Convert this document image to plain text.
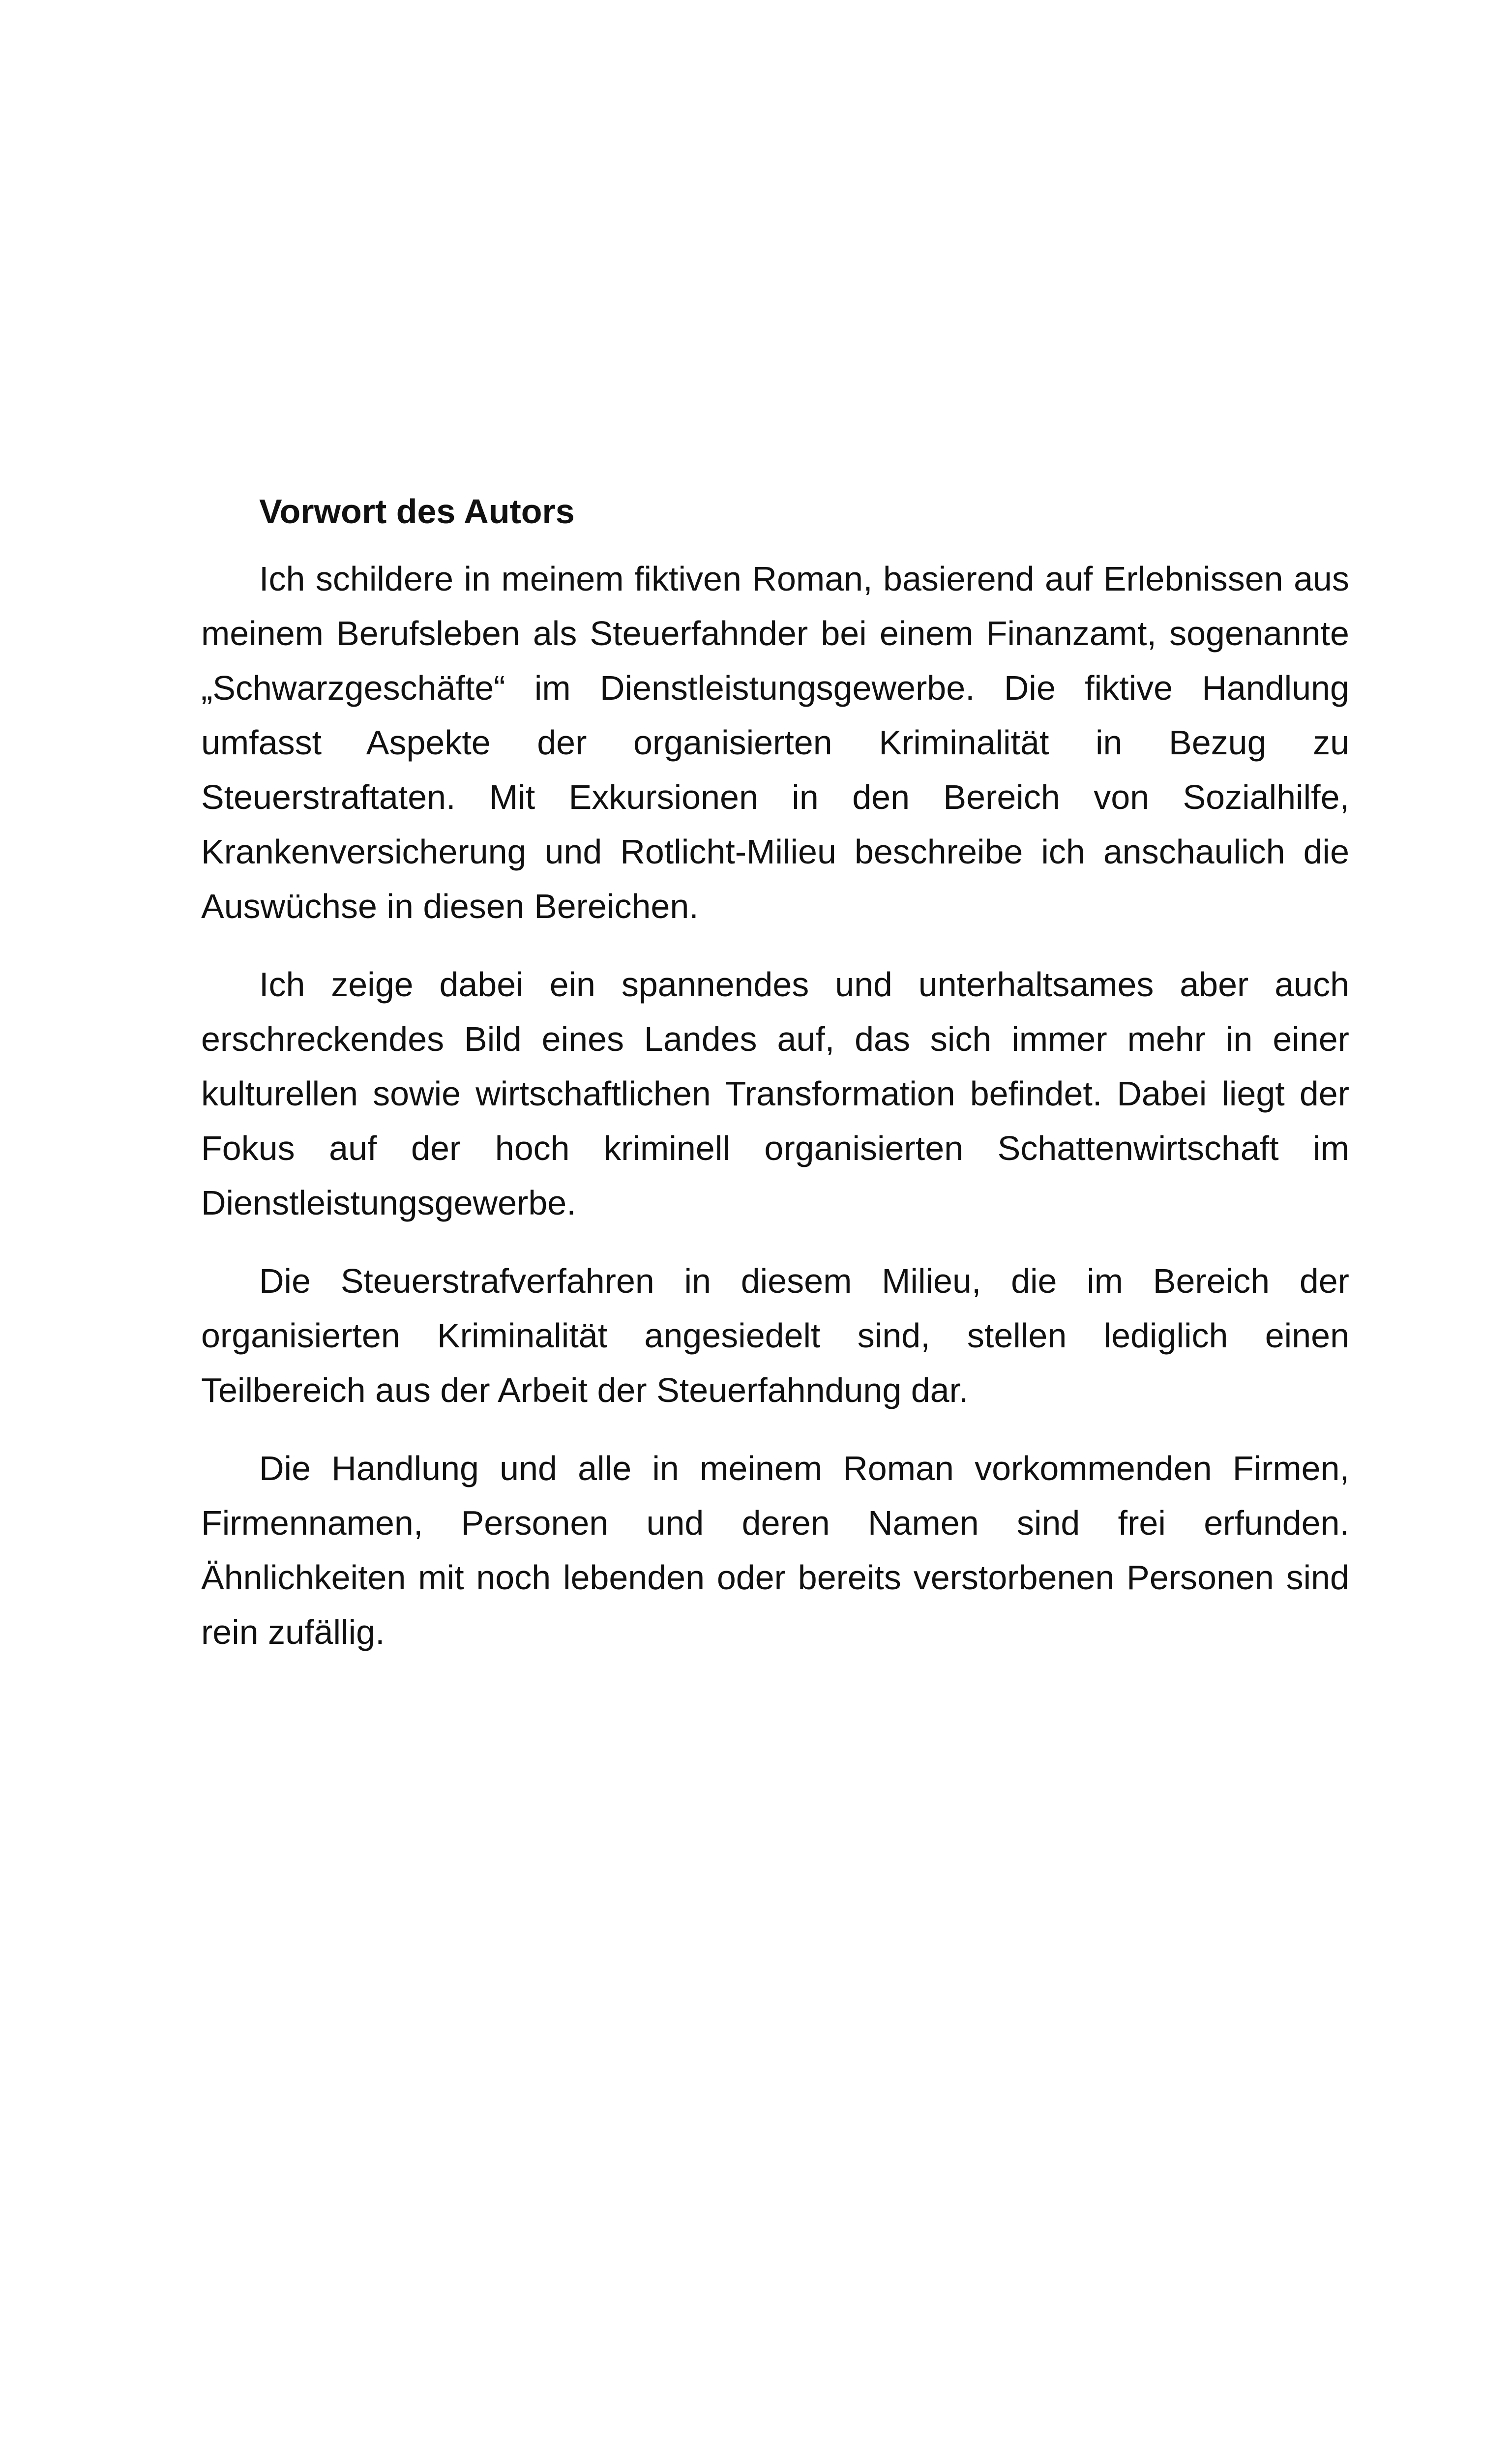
Vorwort des Autors

Ich schildere in meinem fiktiven Roman, basierend auf Erlebnissen aus meinem Berufsleben als Steuerfahnder bei einem Finanzamt, sogenannte „Schwarzgeschäfte“ im Dienstleistungsgewerbe. Die fiktive Handlung umfasst Aspekte der organisierten Kriminalität in Bezug zu Steuerstraftaten. Mit Exkursionen in den Bereich von Sozialhilfe, Krankenversicherung und Rotlicht-Milieu beschreibe ich anschaulich die Auswüchse in diesen Bereichen.

Ich zeige dabei ein spannendes und unterhaltsames aber auch erschreckendes Bild eines Landes auf, das sich immer mehr in einer kulturellen sowie wirtschaftlichen Transformation befindet. Dabei liegt der Fokus auf der hoch kriminell organisierten Schattenwirtschaft im Dienstleistungsgewerbe.

Die Steuerstrafverfahren in diesem Milieu, die im Bereich der organisierten Kriminalität angesiedelt sind, stellen lediglich einen Teilbereich aus der Arbeit der Steuerfahndung dar.

Die Handlung und alle in meinem Roman vorkommenden Firmen, Firmennamen, Personen und deren Namen sind frei erfunden. Ähnlichkeiten mit noch lebenden oder bereits verstorbenen Personen sind rein zufällig.
